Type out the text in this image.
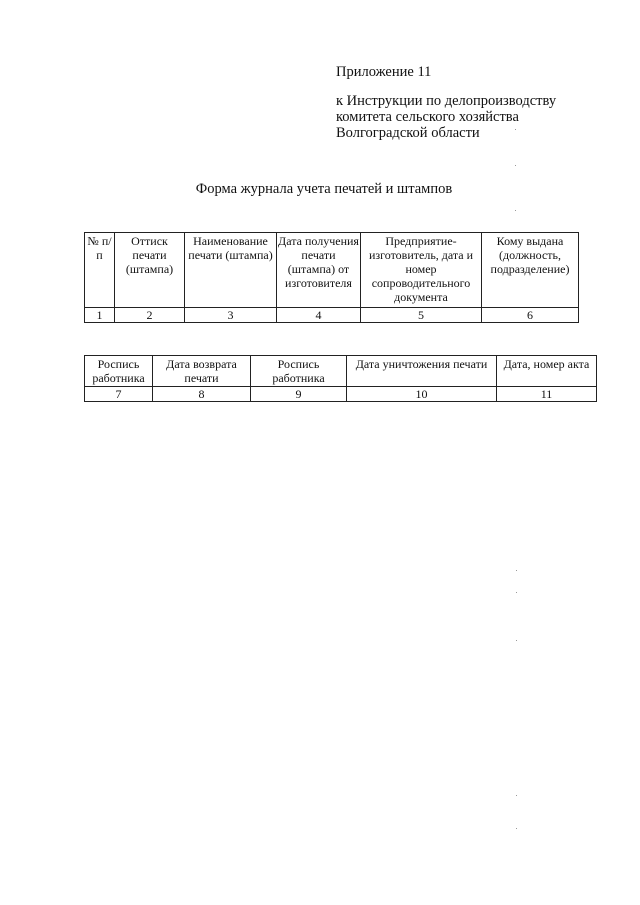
Приложение 11
к Инструкции по делопроизводству
комитета сельского хозяйства
Волгоградской области
Форма журнала учета печатей и штампов
№ п/п	Оттиск печати (штампа)	Наименование печати (штампа)	Дата получения печати (штампа) от изготовителя	Предприятие-изготовитель, дата и номер сопроводительного документа	Кому выдана (должность, подразделение)
1	2	3	4	5	6
Роспись работника	Дата возврата печати	Роспись работника	Дата уничтожения печати	Дата, номер акта
7	8	9	10	11
